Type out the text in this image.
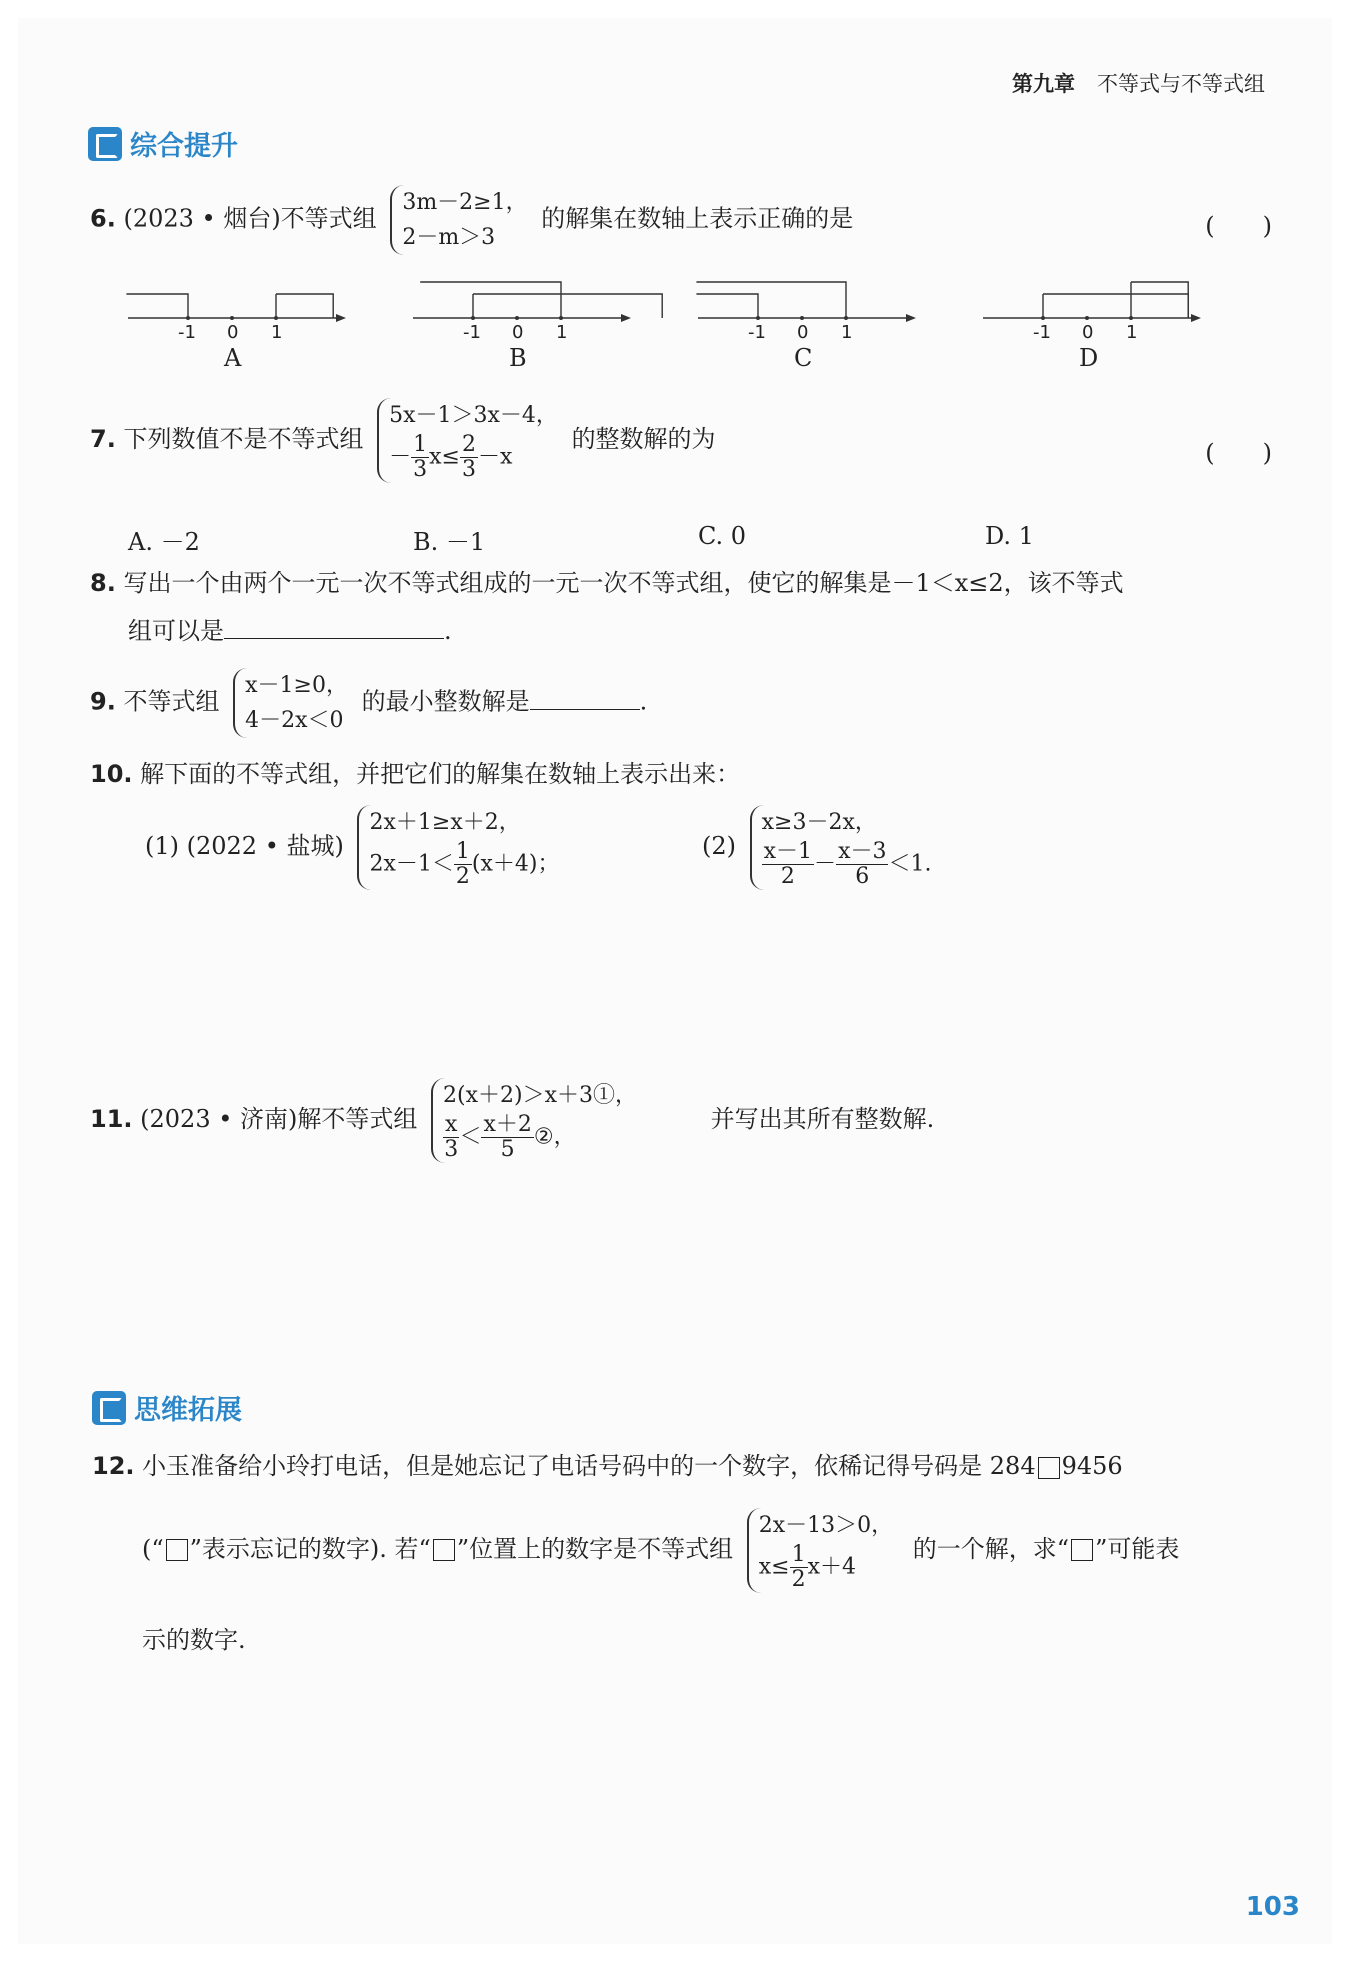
第九章 不等式与不等式组
综合提升
6. (2023 • 烟台)不等式组 3m－2≥1，
2－m＞3 的解集在数轴上表示正确的是	(　　)
-1 0 1
A
-1 0 1
B
-1 0 1
C
-1 0 1
D
7. 下列数值不是不等式组 5x－1＞3x－4，
－ $\frac{1}{3} x\le \frac{2}{3} -x$ 的整数解的为
(　　)
A. －2	B. －1	C. 0	D. 1
8. 写出一个由两个一元一次不等式组成的一元一次不等式组，使它的解集是－1＜x≤2，该不等式
组可以是	.
9. 不等式组 x－1≥0，
4－2x＜0 的最小整数解是	.
10. 解下面的不等式组，并把它们的解集在数轴上表示出来：
(1) (2022 • 盐城) 2x＋1≥x＋2，
$2x-1< \frac{1}{2} (x+4)$；
(2) x≥3－2x，

$\frac{x-1}{2} - \frac{x-3}{6} <1$.
11. (2023 • 济南)解不等式组 2(x＋2)＞x＋3①，

$\frac{x}{3} < \frac{x+2}{5}$ ②， 并写出其所有整数解.
思维拓展
12. 小玉准备给小玲打电话，但是她忘记了电话号码中的一个数字，依稀记得号码是 284 9456
(“ ”表示忘记的数字). 若“ ”位置上的数字是不等式组 2x－13＞0，
$x\le \frac{1}{2} x+4$ 的一个解，求“ ”可能表
示的数字.
103
